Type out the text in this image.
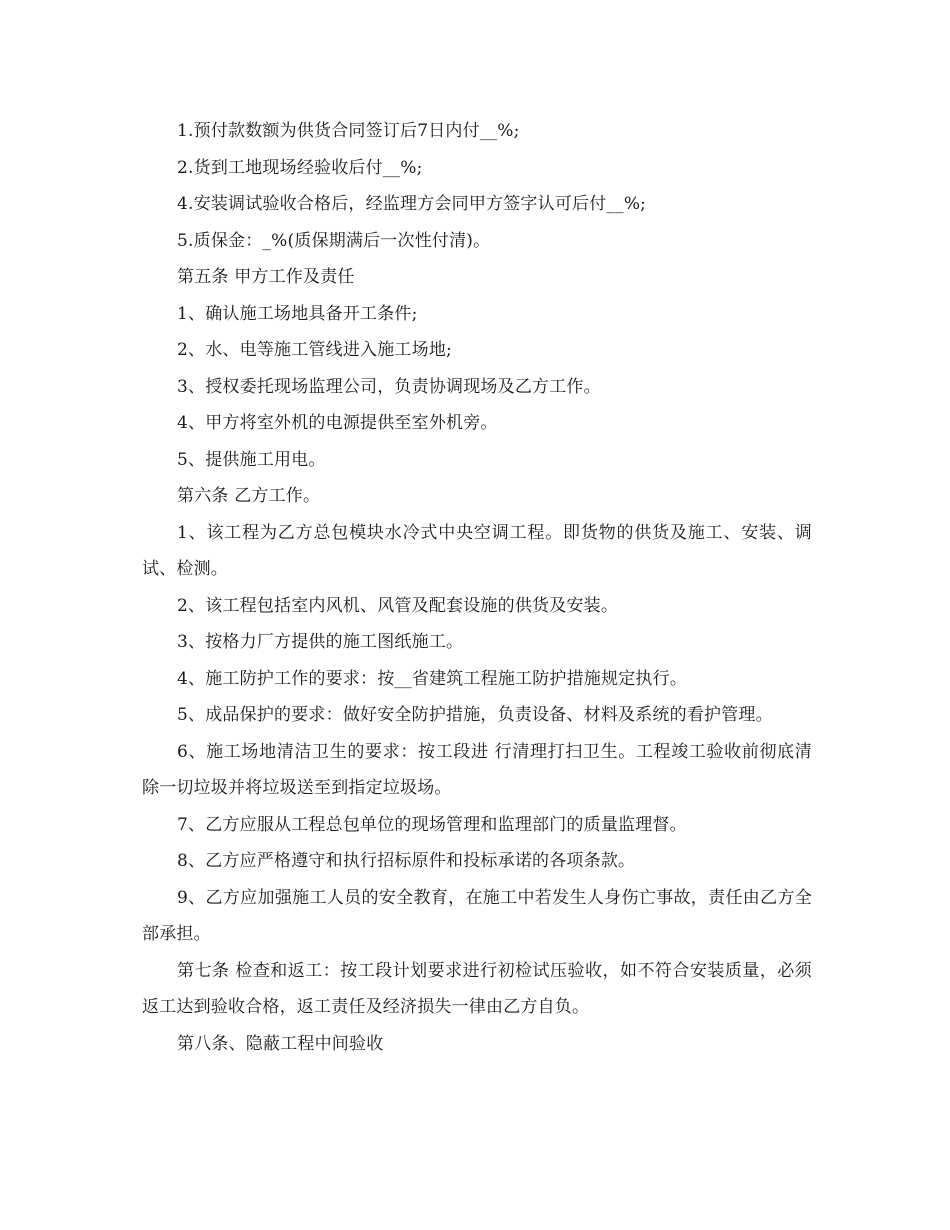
1.预付款数额为供货合同签订后7日内付__%;

2.货到工地现场经验收后付__%;

4.安装调试验收合格后，经监理方会同甲方签字认可后付__%;

5.质保金：_%(质保期满后一次性付清)。

第五条 甲方工作及责任

1、确认施工场地具备开工条件;

2、水、电等施工管线进入施工场地;

3、授权委托现场监理公司，负责协调现场及乙方工作。

4、甲方将室外机的电源提供至室外机旁。

5、提供施工用电。

第六条 乙方工作。

1、该工程为乙方总包模块水冷式中央空调工程。即货物的供货及施工、安装、调试、检测。

2、该工程包括室内风机、风管及配套设施的供货及安装。

3、按格力厂方提供的施工图纸施工。

4、施工防护工作的要求：按__省建筑工程施工防护措施规定执行。

5、成品保护的要求：做好安全防护措施，负责设备、材料及系统的看护管理。

6、施工场地清洁卫生的要求：按工段进 行清理打扫卫生。工程竣工验收前彻底清除一切垃圾并将垃圾送至到指定垃圾场。

7、乙方应服从工程总包单位的现场管理和监理部门的质量监理督。

8、乙方应严格遵守和执行招标原件和投标承诺的各项条款。

9、乙方应加强施工人员的安全教育，在施工中若发生人身伤亡事故，责任由乙方全部承担。

第七条 检查和返工：按工段计划要求进行初检试压验收，如不符合安装质量，必须返工达到验收合格，返工责任及经济损失一律由乙方自负。

第八条、隐蔽工程中间验收
